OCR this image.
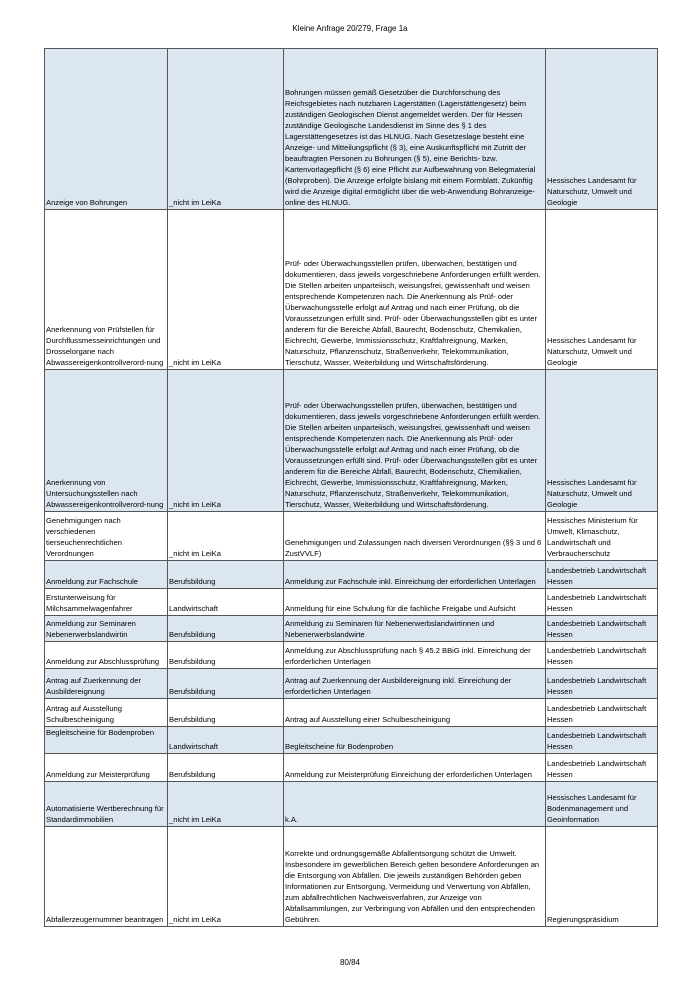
Kleine Anfrage 20/279, Frage 1a
Anzeige von Bohrungen	_nicht im LeiKa	Bohrungen müssen gemäß Gesetzüber die Durchforschung des Reichsgebietes nach nutzbaren Lagerstätten (Lagerstättengesetz) beim zuständigen Geologischen Dienst angemeldet werden. Der für Hessen zuständige Geologische Landesdienst im Sinne des § 1 des Lagerstättengesetzes ist das HLNUG. Nach Gesetzeslage besteht eine Anzeige- und Mitteilungspflicht (§ 3), eine Auskunftspflicht mit Zutritt der beauftragten Personen zu Bohrungen (§ 5), eine Berichts- bzw. Kartenvorlagepflicht (§ 6) eine Pflicht zur Aufbewahrung von Belegmaterial (Bohrproben). Die Anzeige erfolgte bislang mit einem Formblatt. Zukünftig wird die Anzeige digital ermöglicht über die web-Anwendung Bohranzeige-online des HLNUG.	Hessisches Landesamt für Naturschutz, Umwelt und Geologie
Anerkennung von Prüfstellen für Durchflussmesseinrichtungen und Drosselorgane nach Abwassereigenkontrollverord-nung	_nicht im LeiKa	Prüf- oder Überwachungsstellen prüfen, überwachen, bestätigen und dokumentieren, dass jeweils vorgeschriebene Anforderungen erfüllt werden. Die Stellen arbeiten unparteiisch, weisungsfrei, gewissenhaft und weisen entsprechende Kompetenzen nach. Die Anerkennung als Prüf- oder Überwachungsstelle erfolgt auf Antrag und nach einer Prüfung, ob die Voraussetzungen erfüllt sind. Prüf- oder Überwachungsstellen gibt es unter anderem für die Bereiche Abfall, Baurecht, Bodenschutz, Chemikalien, Eichrecht, Gewerbe, Immissionsschutz, Kraftfahreignung, Marken, Naturschutz, Pflanzenschutz, Straßenverkehr, Telekommunikation, Tierschutz, Wasser, Weiterbildung und Wirtschaftsförderung.	Hessisches Landesamt für Naturschutz, Umwelt und Geologie
Anerkennung von Untersuchungsstellen nach Abwassereigenkontrollverord-nung	_nicht im LeiKa	Prüf- oder Überwachungsstellen prüfen, überwachen, bestätigen und dokumentieren, dass jeweils vorgeschriebene Anforderungen erfüllt werden. Die Stellen arbeiten unparteiisch, weisungsfrei, gewissenhaft und weisen entsprechende Kompetenzen nach. Die Anerkennung als Prüf- oder Überwachungsstelle erfolgt auf Antrag und nach einer Prüfung, ob die Voraussetzungen erfüllt sind. Prüf- oder Überwachungsstellen gibt es unter anderem für die Bereiche Abfall, Baurecht, Bodenschutz, Chemikalien, Eichrecht, Gewerbe, Immissionsschutz, Kraftfahreignung, Marken, Naturschutz, Pflanzenschutz, Straßenverkehr, Telekommunikation, Tierschutz, Wasser, Weiterbildung und Wirtschaftsförderung.	Hessisches Landesamt für Naturschutz, Umwelt und Geologie
Genehmigungen nach verschiedenen tierseuchenrechtlichen Verordnungen	_nicht im LeiKa	Genehmigungen und Zulassungen nach diversen Verordnungen (§§ 3 und 6 ZustVVLF)	Hessisches Ministerium für Umwelt, Klimaschutz, Landwirtschaft und Verbraucherschutz
Anmeldung zur Fachschule	Berufsbildung	Anmeldung zur Fachschule inkl. Einreichung der erforderlichen Unterlagen	Landesbetrieb Landwirtschaft Hessen
Erstunterweisung für Milchsammelwagenfahrer	Landwirtschaft	Anmeldung für eine Schulung für die fachliche Freigabe und Aufsicht	Landesbetrieb Landwirtschaft Hessen
Anmeldung zur Seminaren Nebenerwerbslandwirtin	Berufsbildung	Anmeldung zu Seminaren für Nebenerwerbslandwirtinnen und Nebenerwerbslandwirte	Landesbetrieb Landwirtschaft Hessen
Anmeldung zur Abschlussprüfung	Berufsbildung	Anmeldung zur Abschlussprüfung nach § 45.2 BBiG inkl. Einreichung der erforderlichen Unterlagen	Landesbetrieb Landwirtschaft Hessen
Antrag auf Zuerkennung der Ausbildereignung	Berufsbildung	Antrag auf Zuerkennung der Ausbildereignung inkl. Einreichung der erforderlichen Unterlagen	Landesbetrieb Landwirtschaft Hessen
Antrag auf Ausstellung Schulbescheinigung	Berufsbildung	Antrag auf Ausstellung einer Schulbescheinigung	Landesbetrieb Landwirtschaft Hessen
Begleitscheine für Bodenproben	Landwirtschaft	Begleitscheine für Bodenproben	Landesbetrieb Landwirtschaft Hessen
Anmeldung zur Meisterprüfung	Berufsbildung	Anmeldung zur Meisterprüfung Einreichung der erforderlichen Unterlagen	Landesbetrieb Landwirtschaft Hessen
Automatisierte Wertberechnung für Standardimmobilien	_nicht im LeiKa	k.A.	Hessisches Landesamt für Bodenmanagement und Geoinformation
Abfallerzeugernummer beantragen	_nicht im LeiKa	Korrekte und ordnungsgemäße Abfallentsorgung schützt die Umwelt. Insbesondere im gewerblichen Bereich gelten besondere Anforderungen an die Entsorgung von Abfällen. Die jeweils zuständigen Behörden geben Informationen zur Entsorgung, Vermeidung und Verwertung von Abfällen, zum abfallrechtlichen Nachweisverfahren, zur Anzeige von Abfallsammlungen, zur Verbringung von Abfällen und den entsprechenden Gebühren.	Regierungspräsidium
80/84
